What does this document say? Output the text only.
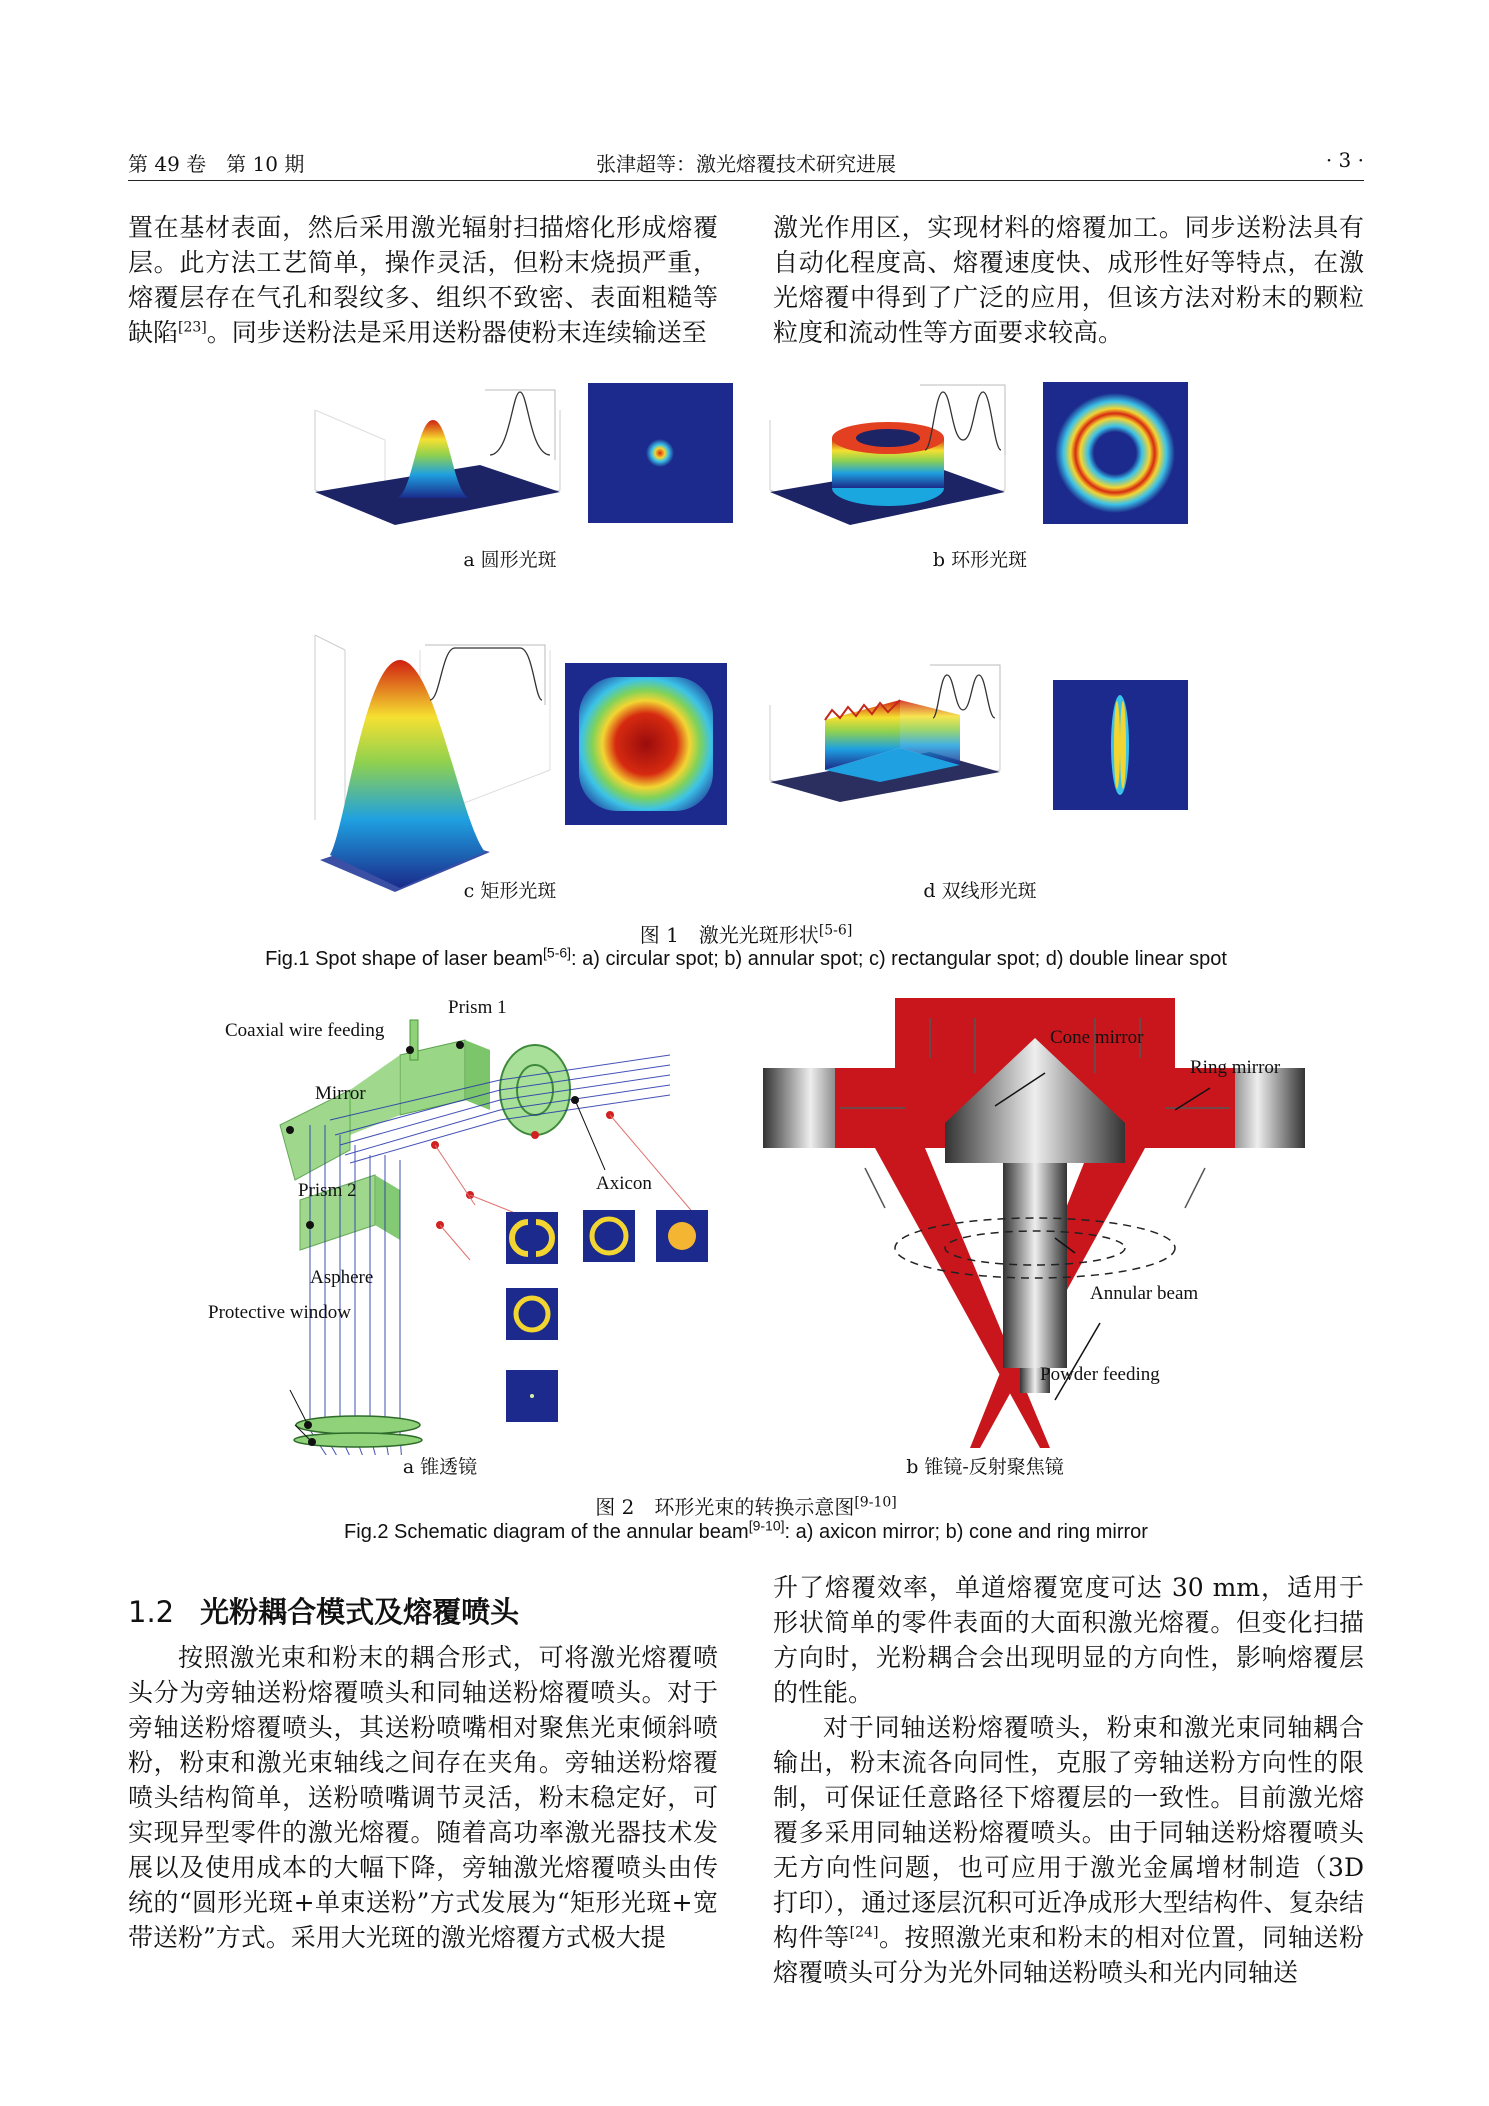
第 49 卷　第 10 期	张津超等：激光熔覆技术研究进展	· 3 ·

置在基材表面，然后采用激光辐射扫描熔化形成熔覆层。此方法工艺简单，操作灵活，但粉末烧损严重，熔覆层存在气孔和裂纹多、组织不致密、表面粗糙等缺陷[23]。同步送粉法是采用送粉器使粉末连续输送至

激光作用区，实现材料的熔覆加工。同步送粉法具有自动化程度高、熔覆速度快、成形性好等特点，在激光熔覆中得到了广泛的应用，但该方法对粉末的颗粒粒度和流动性等方面要求较高。

a 圆形光斑	b 环形光斑
c 矩形光斑	d 双线形光斑
图 1　激光光斑形状[5-6]
Fig.1 Spot shape of laser beam[5-6]: a) circular spot; b) annular spot; c) rectangular spot; d) double linear spot
Prism 1
Coaxial wire feeding
Mirror
Prism 2	Axicon
Asphere
Protective window
a 锥透镜
Cone mirror
Ring mirror
Annular beam
Powder feeding
b 锥镜-反射聚焦镜
图 2　环形光束的转换示意图[9-10]
Fig.2 Schematic diagram of the annular beam[9-10]: a) axicon mirror; b) cone and ring mirror
1.2 光粉耦合模式及熔覆喷头

按照激光束和粉末的耦合形式，可将激光熔覆喷头分为旁轴送粉熔覆喷头和同轴送粉熔覆喷头。对于旁轴送粉熔覆喷头，其送粉喷嘴相对聚焦光束倾斜喷粉，粉束和激光束轴线之间存在夹角。旁轴送粉熔覆喷头结构简单，送粉喷嘴调节灵活，粉末稳定好，可实现异型零件的激光熔覆。随着高功率激光器技术发展以及使用成本的大幅下降，旁轴激光熔覆喷头由传统的“圆形光斑+单束送粉”方式发展为“矩形光斑+宽带送粉”方式。采用大光斑的激光熔覆方式极大提

升了熔覆效率，单道熔覆宽度可达 30 mm，适用于形状简单的零件表面的大面积激光熔覆。但变化扫描方向时，光粉耦合会出现明显的方向性，影响熔覆层的性能。

对于同轴送粉熔覆喷头，粉束和激光束同轴耦合输出，粉末流各向同性，克服了旁轴送粉方向性的限制，可保证任意路径下熔覆层的一致性。目前激光熔覆多采用同轴送粉熔覆喷头。由于同轴送粉熔覆喷头无方向性问题，也可应用于激光金属增材制造（3D 打印），通过逐层沉积可近净成形大型结构件、复杂结构件等[24]。按照激光束和粉末的相对位置，同轴送粉熔覆喷头可分为光外同轴送粉喷头和光内同轴送
